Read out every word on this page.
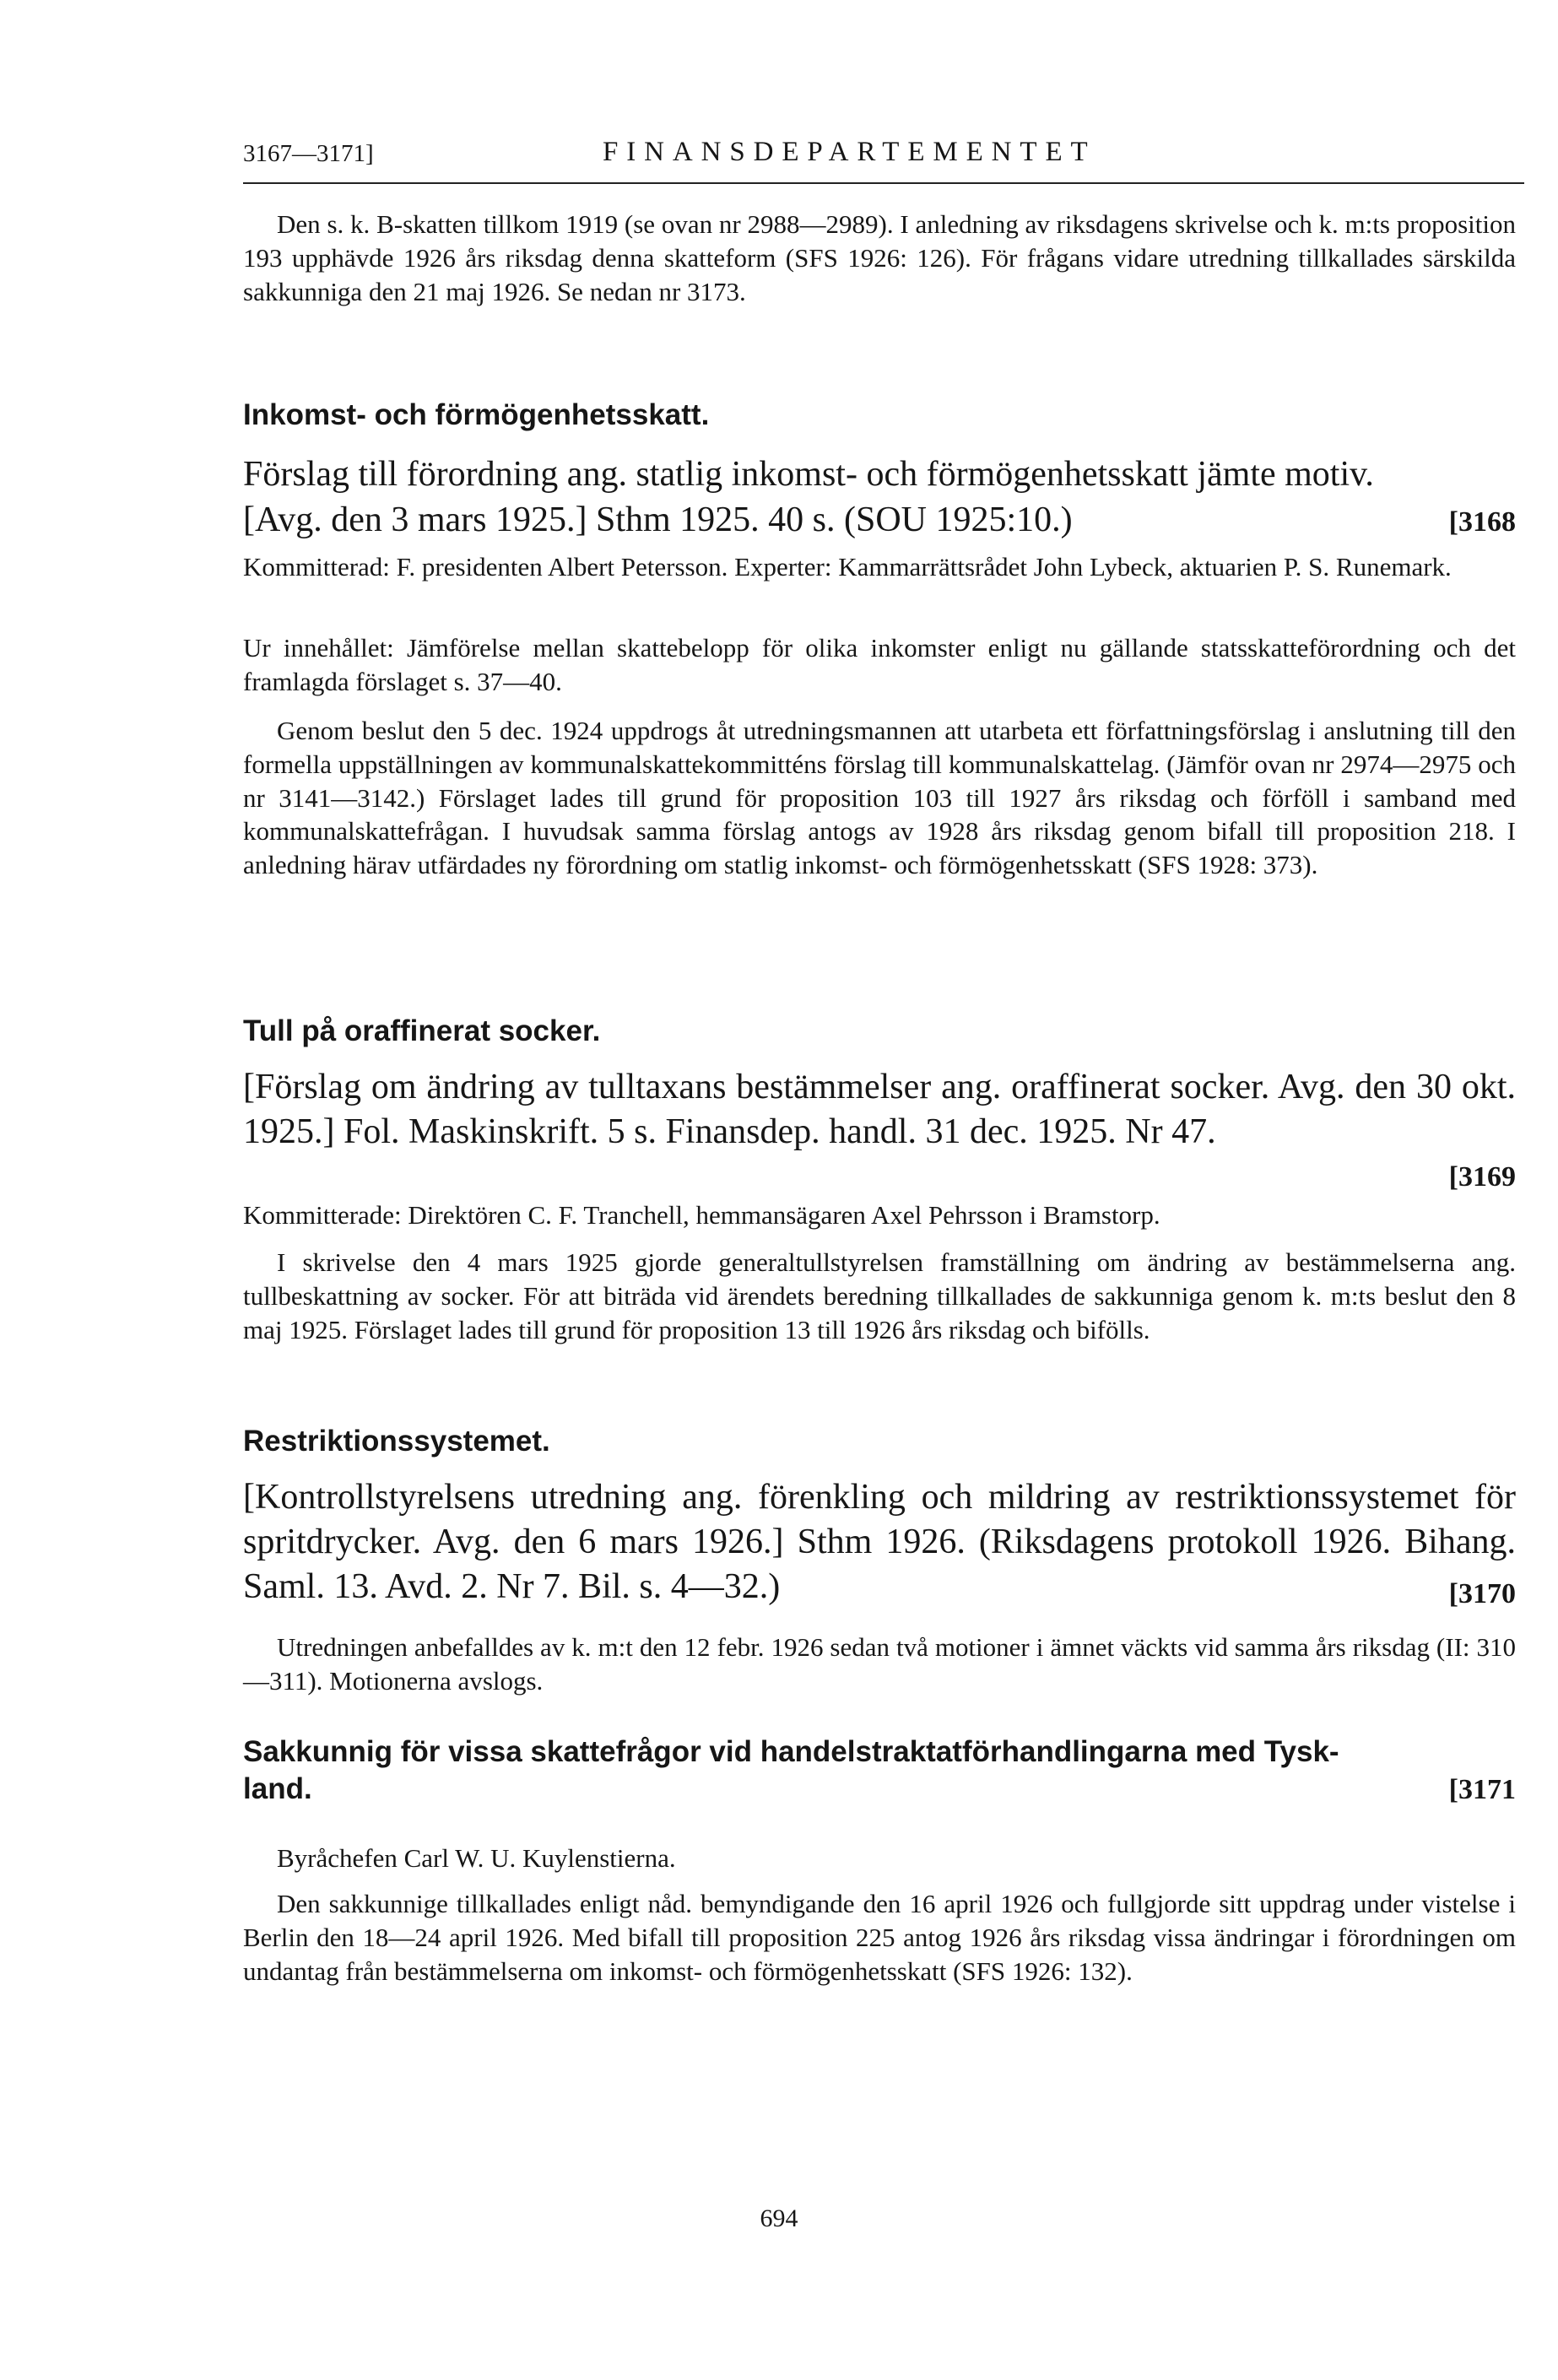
3167—3171]	FINANSDEPARTEMENTET

Den s. k. B-skatten tillkom 1919 (se ovan nr 2988—2989). I anledning av riksdagens skrivelse och k. m:ts proposition 193 upphävde 1926 års riksdag denna skatteform (SFS 1926: 126). För frågans vidare utredning tillkallades särskilda sakkunniga den 21 maj 1926. Se nedan nr 3173.

Inkomst- och förmögenhetsskatt.
Förslag till förordning ang. statlig inkomst- och förmögenhetsskatt jämte motiv.
[Avg. den 3 mars 1925.] Sthm 1925. 40 s. (SOU 1925:10.)	[3168

Kommitterad: F. presidenten Albert Petersson. Experter: Kammarrättsrådet John Lybeck, aktuarien P. S. Runemark.

Ur innehållet: Jämförelse mellan skattebelopp för olika inkomster enligt nu gällande statsskatteförordning och det framlagda förslaget s. 37—40.

Genom beslut den 5 dec. 1924 uppdrogs åt utredningsmannen att utarbeta ett författningsförslag i anslutning till den formella uppställningen av kommunalskattekommitténs förslag till kommunalskattelag. (Jämför ovan nr 2974—2975 och nr 3141—3142.) Förslaget lades till grund för proposition 103 till 1927 års riksdag och förföll i samband med kommunalskattefrågan. I huvudsak samma förslag antogs av 1928 års riksdag genom bifall till proposition 218. I anledning härav utfärdades ny förordning om statlig inkomst- och förmögenhetsskatt (SFS 1928: 373).

Tull på oraffinerat socker.

[Förslag om ändring av tulltaxans bestämmelser ang. oraffinerat socker. Avg. den 30 okt. 1925.] Fol. Maskinskrift. 5 s. Finansdep. handl. 31 dec. 1925. Nr 47.

[3169

Kommitterade: Direktören C. F. Tranchell, hemmansägaren Axel Pehrsson i Bramstorp.

I skrivelse den 4 mars 1925 gjorde generaltullstyrelsen framställning om ändring av bestämmelserna ang. tullbeskattning av socker. För att biträda vid ärendets beredning tillkallades de sakkunniga genom k. m:ts beslut den 8 maj 1925. Förslaget lades till grund för proposition 13 till 1926 års riksdag och bifölls.

Restriktionssystemet.

[Kontrollstyrelsens utredning ang. förenkling och mildring av restriktionssystemet för spritdrycker. Avg. den 6 mars 1926.] Sthm 1926. (Riksdagens protokoll 1926. Bihang. Saml. 13. Avd. 2. Nr 7. Bil. s. 4—32.)	[3170

Utredningen anbefalldes av k. m:t den 12 febr. 1926 sedan två motioner i ämnet väckts vid samma års riksdag (II: 310—311). Motionerna avslogs.

Sakkunnig för vissa skattefrågor vid handelstraktatförhandlingarna med Tysk-
land.	[3171

Byråchefen Carl W. U. Kuylenstierna.

Den sakkunnige tillkallades enligt nåd. bemyndigande den 16 april 1926 och fullgjorde sitt uppdrag under vistelse i Berlin den 18—24 april 1926. Med bifall till proposition 225 antog 1926 års riksdag vissa ändringar i förordningen om undantag från bestämmelserna om inkomst- och förmögenhetsskatt (SFS 1926: 132).

694
